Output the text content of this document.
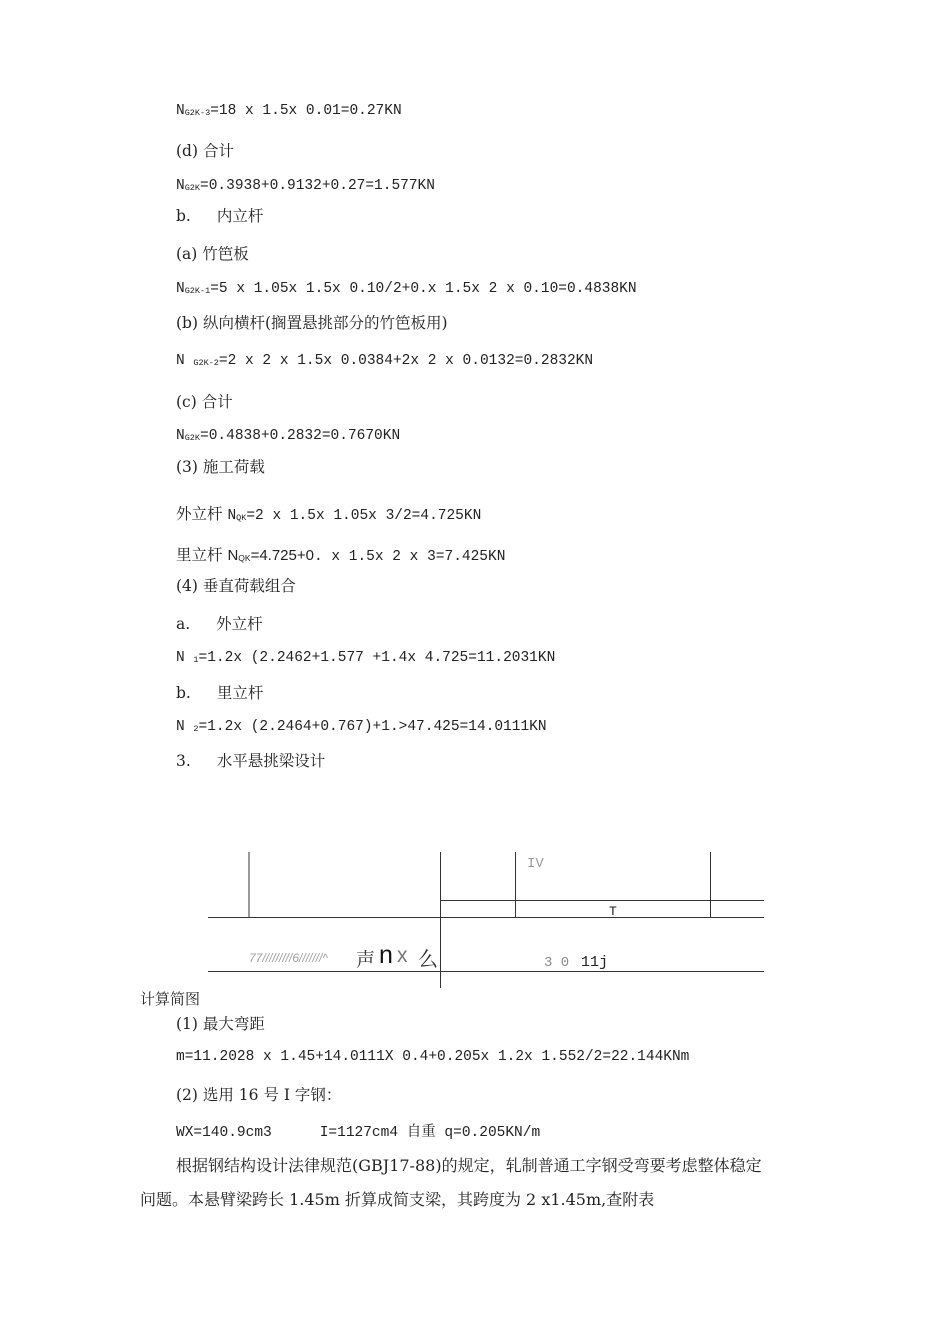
NG2K-3=18 x 1.5x 0.01=0.27KN
(d) 合计
NG2K=0.3938+0.9132+0.27=1.577KN
b. 内立杆
(a) 竹笆板
NG2K-1=5 x 1.05x 1.5x 0.10/2+0.x 1.5x 2 x 0.10=0.4838KN
(b) 纵向横杆(搁置悬挑部分的竹笆板用)
N G2K-2=2 x 2 x 1.5x 0.0384+2x 2 x 0.0132=0.2832KN
(c) 合计
NG2K=0.4838+0.2832=0.7670KN
(3) 施工荷载
外立杆 NQK=2 x 1.5x 1.05x 3/2=4.725KN
里立杆 NQK=4.725+0. x 1.5x 2 x 3=7.425KN
(4) 垂直荷载组合
a. 外立杆
N 1=1.2x (2.2462+1.577 +1.4x 4.725=11.2031KN
b. 里立杆
N 2=1.2x (2.2464+0.767)+1.>47.425=14.0111KN
3. 水平悬挑梁设计
IV
T
77/////////6///////^ 声 n x 么	3 0 11j
计算简图
(1) 最大弯距
m=11.2028 x 1.45+14.0111X 0.4+0.205x 1.2x 1.552/2=22.144KNm
(2) 选用 16 号 I 字钢：
WX=140.9cm3	I=1127cm4 自重 q=0.205KN/m
根据钢结构设计法律规范(GBJ17-88)的规定，轧制普通工字钢受弯要考虑整体稳定
问题。本悬臂梁跨长 1.45m 折算成简支梁，其跨度为 2 x1.45m,查附表
